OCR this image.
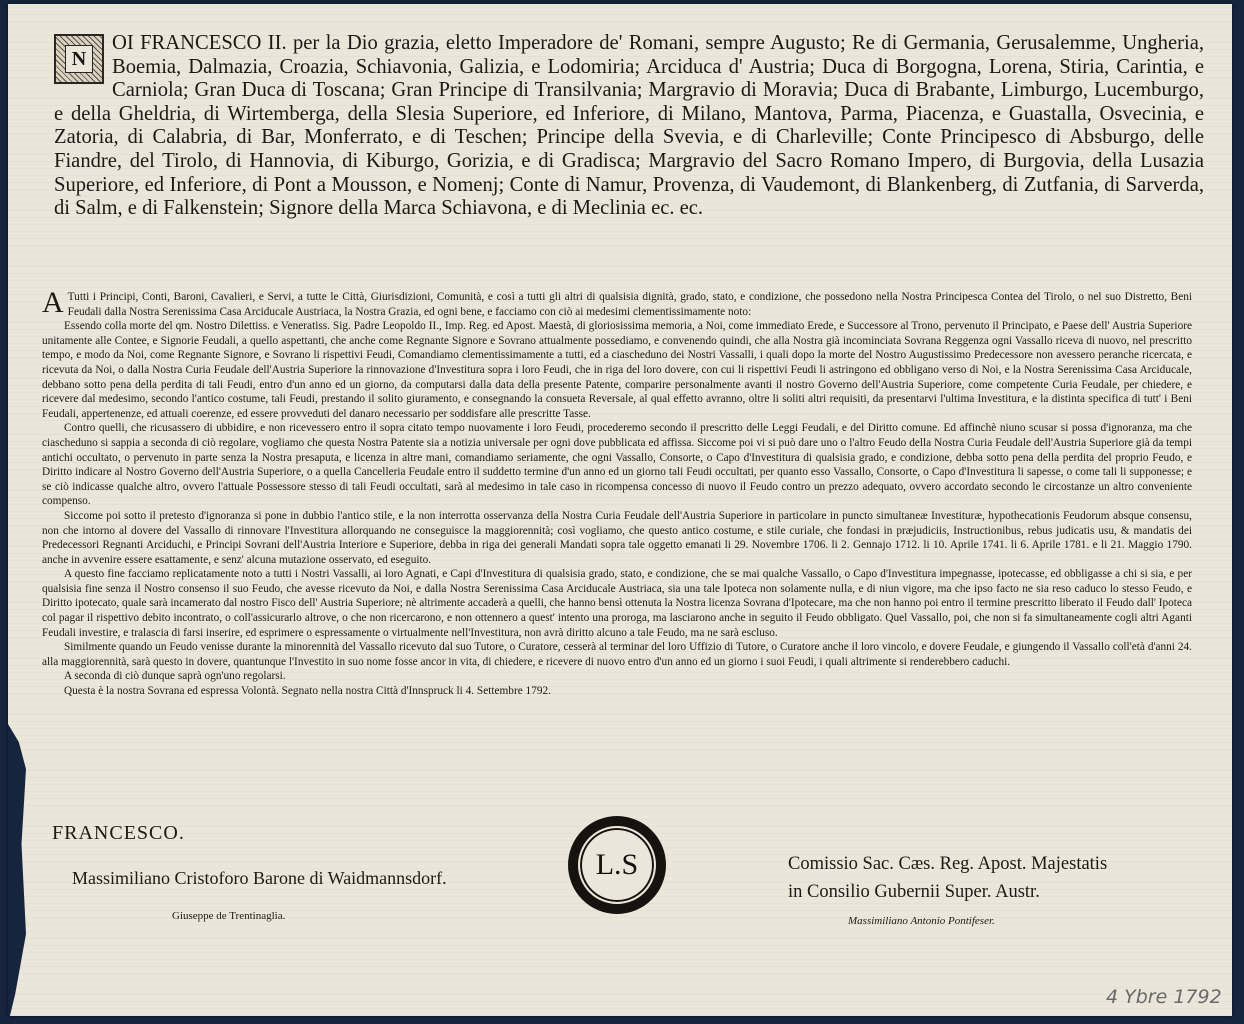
N
OI FRANCESCO II. per la Dio grazia, eletto Imperadore de' Romani, sempre Augusto; Re di Germania, Gerusalemme, Ungheria, Boemia, Dalmazia, Croazia, Schiavonia, Galizia, e Lodomiria; Arciduca d' Austria; Duca di Borgogna, Lorena, Stiria, Carintia, e Carniola; Gran Duca di Toscana; Gran Principe di Transilvania; Margravio di Moravia; Duca di Brabante, Limburgo, Lucemburgo, e della Gheldria, di Wirtemberga, della Slesia Superiore, ed Inferiore, di Milano, Mantova, Parma, Piacenza, e Guastalla, Osvecinia, e Zatoria, di Calabria, di Bar, Monferrato, e di Teschen; Principe della Svevia, e di Charleville; Conte Principesco di Absburgo, delle Fiandre, del Tirolo, di Hannovia, di Kiburgo, Gorizia, e di Gradisca; Margravio del Sacro Romano Impero, di Burgovia, della Lusazia Superiore, ed Inferiore, di Pont a Mousson, e Nomenj; Conte di Namur, Provenza, di Vaudemont, di Blankenberg, di Zutfania, di Sarverda, di Salm, e di Falkenstein; Signore della Marca Schiavona, e di Meclinia ec. ec.

A Tutti i Principi, Conti, Baroni, Cavalieri, e Servi, a tutte le Città, Giurisdizioni, Comunità, e così a tutti gli altri di qualsisia dignità, grado, stato, e condizione, che possedono nella Nostra Principesca Contea del Tirolo, o nel suo Distretto, Beni Feudali dalla Nostra Serenissima Casa Arciducale Austriaca, la Nostra Grazia, ed ogni bene, e facciamo con ciò ai medesimi clementissimamente noto:

Essendo colla morte del qm. Nostro Dilettiss. e Veneratiss. Sig. Padre Leopoldo II., Imp. Reg. ed Apost. Maestà, di gloriosissima memoria, a Noi, come immediato Erede, e Successore al Trono, pervenuto il Principato, e Paese dell' Austria Superiore unitamente alle Contee, e Signorie Feudali, a quello aspettanti, che anche come Regnante Signore e Sovrano attualmente possediamo, e convenendo quindi, che alla Nostra già incominciata Sovrana Reggenza ogni Vassallo riceva di nuovo, nel prescritto tempo, e modo da Noi, come Regnante Signore, e Sovrano li rispettivi Feudi, Comandiamo clementissimamente a tutti, ed a ciascheduno dei Nostri Vassalli, i quali dopo la morte del Nostro Augustissimo Predecessore non avessero peranche ricercata, e ricevuta da Noi, o dalla Nostra Curia Feudale dell'Austria Superiore la rinnovazione d'Investitura sopra i loro Feudi, che in riga del loro dovere, con cui li rispettivi Feudi li astringono ed obbligano verso di Noi, e la Nostra Serenissima Casa Arciducale, debbano sotto pena della perdita di tali Feudi, entro d'un anno ed un giorno, da computarsi dalla data della presente Patente, comparire personalmente avanti il nostro Governo dell'Austria Superiore, come competente Curia Feudale, per chiedere, e ricevere dal medesimo, secondo l'antico costume, tali Feudi, prestando il solito giuramento, e consegnando la consueta Reversale, al qual effetto avranno, oltre li soliti altri requisiti, da presentarvi l'ultima Investitura, e la distinta specifica di tutt' i Beni Feudali, appertenenze, ed attuali coerenze, ed essere provveduti del danaro necessario per soddisfare alle prescritte Tasse.

Contro quelli, che ricusassero di ubbidire, e non ricevessero entro il sopra citato tempo nuovamente i loro Feudi, procederemo secondo il prescritto delle Leggi Feudali, e del Diritto comune. Ed affinchè niuno scusar si possa d'ignoranza, ma che ciascheduno si sappia a seconda di ciò regolare, vogliamo che questa Nostra Patente sia a notizia universale per ogni dove pubblicata ed affissa. Siccome poi vi si può dare uno o l'altro Feudo della Nostra Curia Feudale dell'Austria Superiore già da tempi antichi occultato, o pervenuto in parte senza la Nostra presaputa, e licenza in altre mani, comandiamo seriamente, che ogni Vassallo, Consorte, o Capo d'Investitura di qualsisia grado, e condizione, debba sotto pena della perdita del proprio Feudo, e Diritto indicare al Nostro Governo dell'Austria Superiore, o a quella Cancelleria Feudale entro il suddetto termine d'un anno ed un giorno tali Feudi occultati, per quanto esso Vassallo, Consorte, o Capo d'Investitura li sapesse, o come tali li supponesse; e se ciò indicasse qualche altro, ovvero l'attuale Possessore stesso di tali Feudi occultati, sarà al medesimo in tale caso in ricompensa concesso di nuovo il Feudo contro un prezzo adequato, ovvero accordato secondo le circostanze un altro conveniente compenso.

Siccome poi sotto il pretesto d'ignoranza si pone in dubbio l'antico stile, e la non interrotta osservanza della Nostra Curia Feudale dell'Austria Superiore in particolare in puncto simultaneæ Investituræ, hypothecationis Feudorum absque consensu, non che intorno al dovere del Vassallo di rinnovare l'Investitura allorquando ne conseguisce la maggiorennità; così vogliamo, che questo antico costume, e stile curiale, che fondasi in præjudiciis, Instructionibus, rebus judicatis usu, & mandatis dei Predecessori Regnanti Arciduchi, e Principi Sovrani dell'Austria Interiore e Superiore, debba in riga dei generali Mandati sopra tale oggetto emanati li 29. Novembre 1706. li 2. Gennajo 1712. li 10. Aprile 1741. li 6. Aprile 1781. e li 21. Maggio 1790. anche in avvenire essere esattamente, e senz' alcuna mutazione osservato, ed eseguito.

A questo fine facciamo replicatamente noto a tutti i Nostri Vassalli, ai loro Agnati, e Capi d'Investitura di qualsisia grado, stato, e condizione, che se mai qualche Vassallo, o Capo d'Investitura impegnasse, ipotecasse, ed obbligasse a chi si sia, e per qualsisia fine senza il Nostro consenso il suo Feudo, che avesse ricevuto da Noi, e dalla Nostra Serenissima Casa Arciducale Austriaca, sia una tale Ipoteca non solamente nulla, e di niun vigore, ma che ipso facto ne sia reso caduco lo stesso Feudo, e Diritto ipotecato, quale sarà incamerato dal nostro Fisco dell' Austria Superiore; nè altrimente accaderà a quelli, che hanno bensì ottenuta la Nostra licenza Sovrana d'Ipotecare, ma che non hanno poi entro il termine prescritto liberato il Feudo dall' Ipoteca col pagar il rispettivo debito incontrato, o coll'assicurarlo altrove, o che non ricercarono, e non ottennero a quest' intento una proroga, ma lasciarono anche in seguito il Feudo obbligato. Quel Vassallo, poi, che non si fa simultaneamente cogli altri Aganti Feudali investire, e tralascia di farsi inserire, ed esprimere o espressamente o virtualmente nell'Investitura, non avrà diritto alcuno a tale Feudo, ma ne sarà escluso.

Similmente quando un Feudo venisse durante la minorennità del Vassallo ricevuto dal suo Tutore, o Curatore, cesserà al terminar del loro Uffizio di Tutore, o Curatore anche il loro vincolo, e dovere Feudale, e giungendo il Vassallo coll'età d'anni 24. alla maggiorennità, sarà questo in dovere, quantunque l'Investito in suo nome fosse ancor in vita, di chiedere, e ricevere di nuovo entro d'un anno ed un giorno i suoi Feudi, i quali altrimente si renderebbero caduchi.

A seconda di ciò dunque saprà ogn'uno regolarsi.

Questa è la nostra Sovrana ed espressa Volontà. Segnato nella nostra Città d'Innspruck li 4. Settembre 1792.

FRANCESCO.
Massimiliano Cristoforo Barone di Waidmannsdorf.
Giuseppe de Trentinaglia.
L.S	Comissio Sac. Cæs. Reg. Apost. Majestatis
in Consilio Gubernii Super. Austr.
Massimiliano Antonio Pontifeser.
4 Ybre 1792
